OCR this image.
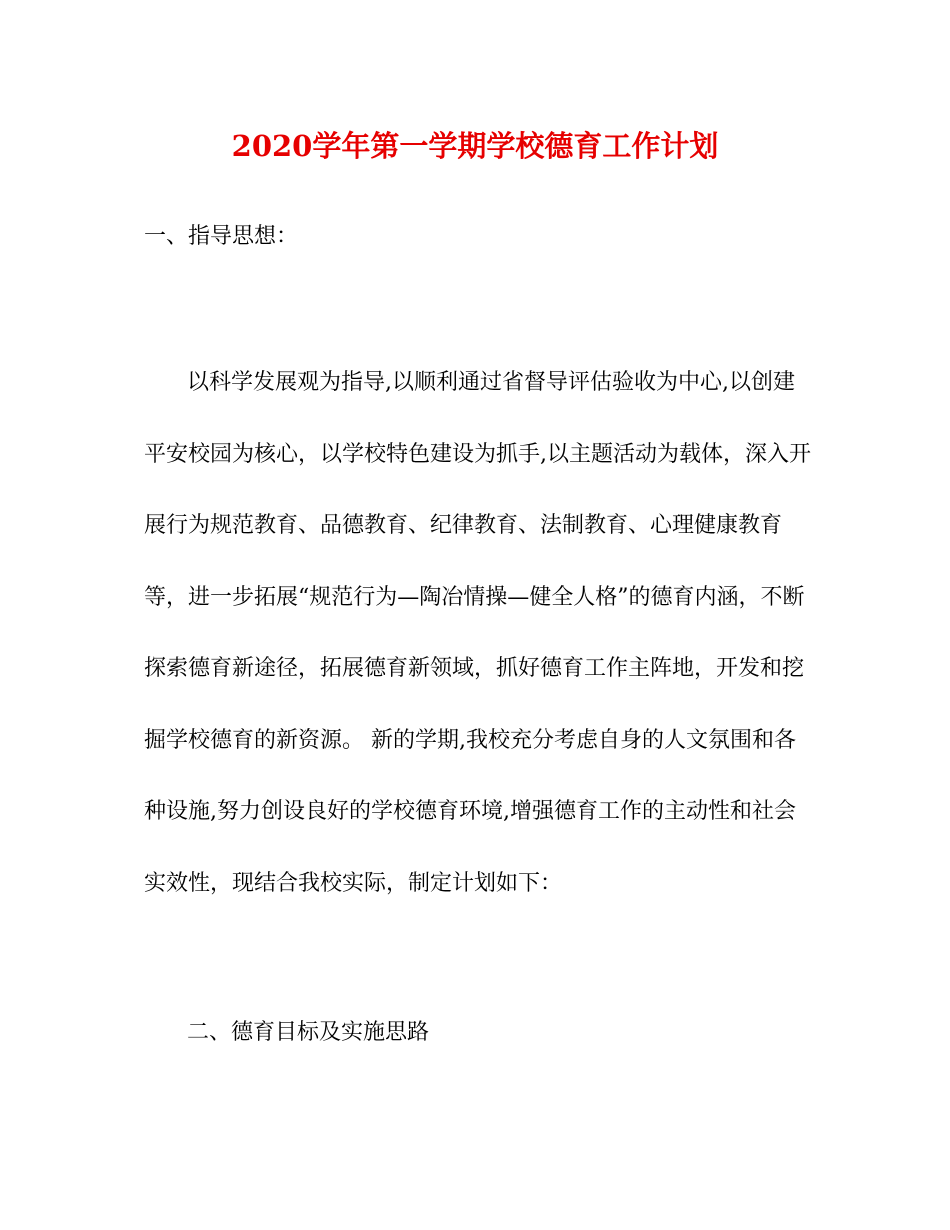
2020学年第一学期学校德育工作计划
一、指导思想：
以科学发展观为指导,以顺利通过省督导评估验收为中心,以创建
平安校园为核心，以学校特色建设为抓手,以主题活动为载体，深入开
展行为规范教育、品德教育、纪律教育、法制教育、心理健康教育
等，进一步拓展“规范行为—陶冶情操—健全人格”的德育内涵，不断
探索德育新途径，拓展德育新领域，抓好德育工作主阵地，开发和挖
掘学校德育的新资源。 新的学期,我校充分考虑自身的人文氛围和各
种设施,努力创设良好的学校德育环境,增强德育工作的主动性和社会
实效性，现结合我校实际，制定计划如下：
二、德育目标及实施思路
